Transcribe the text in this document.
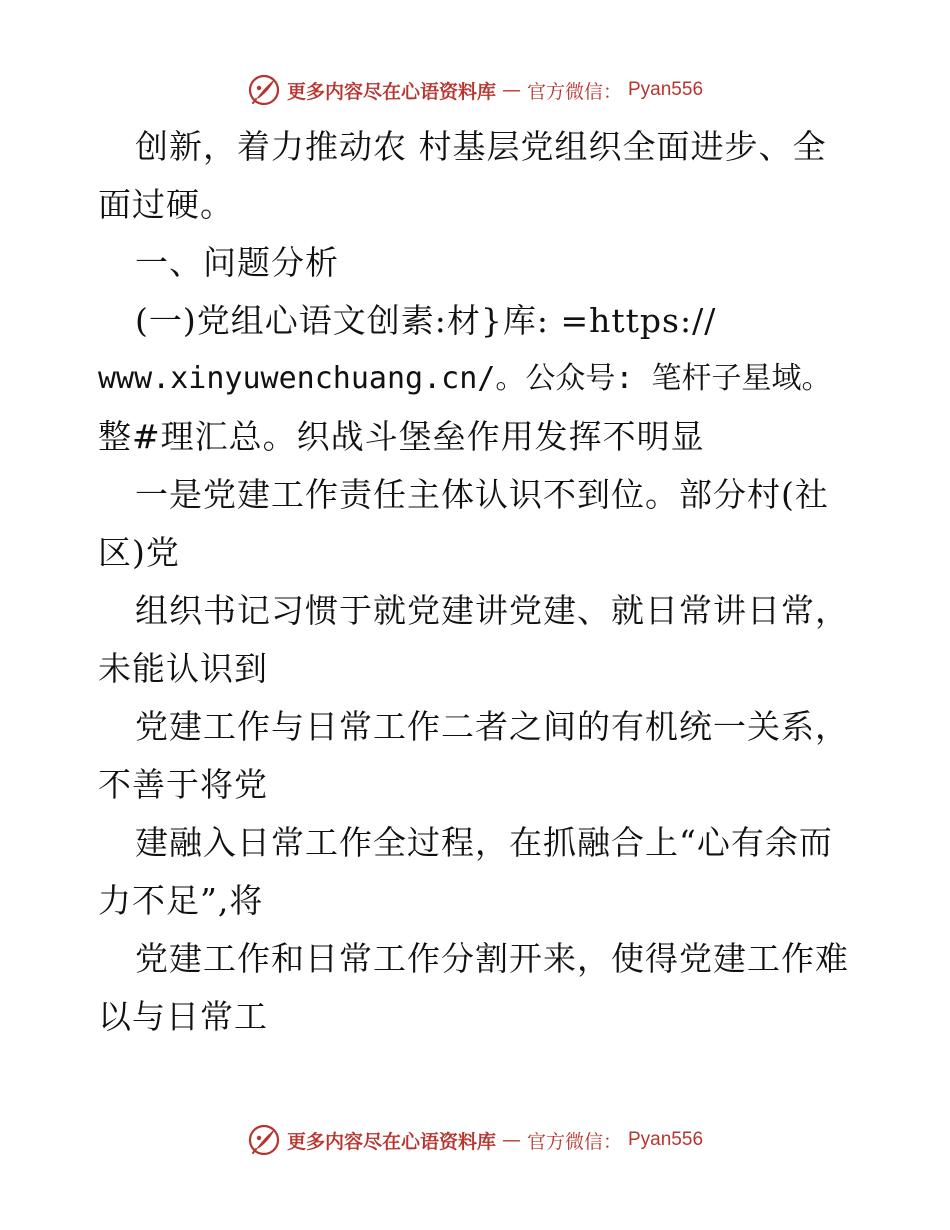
更多内容尽在心语资料库 — 官方微信： Pyan556
创新，着力推动农 村基层党组织全面进步、全
面过硬。
一、问题分析
(一)党组心语文创素:材}库: =https://
www.xinyuwenchuang.cn/。公众号: 笔杆子星域。
整#理汇总。织战斗堡垒作用发挥不明显
一是党建工作责任主体认识不到位。部分村(社
区)党
组织书记习惯于就党建讲党建、就日常讲日常，
未能认识到
党建工作与日常工作二者之间的有机统一关系，
不善于将党
建融入日常工作全过程，在抓融合上“心有余而
力不足”,将
党建工作和日常工作分割开来，使得党建工作难
以与日常工
更多内容尽在心语资料库 — 官方微信： Pyan556
